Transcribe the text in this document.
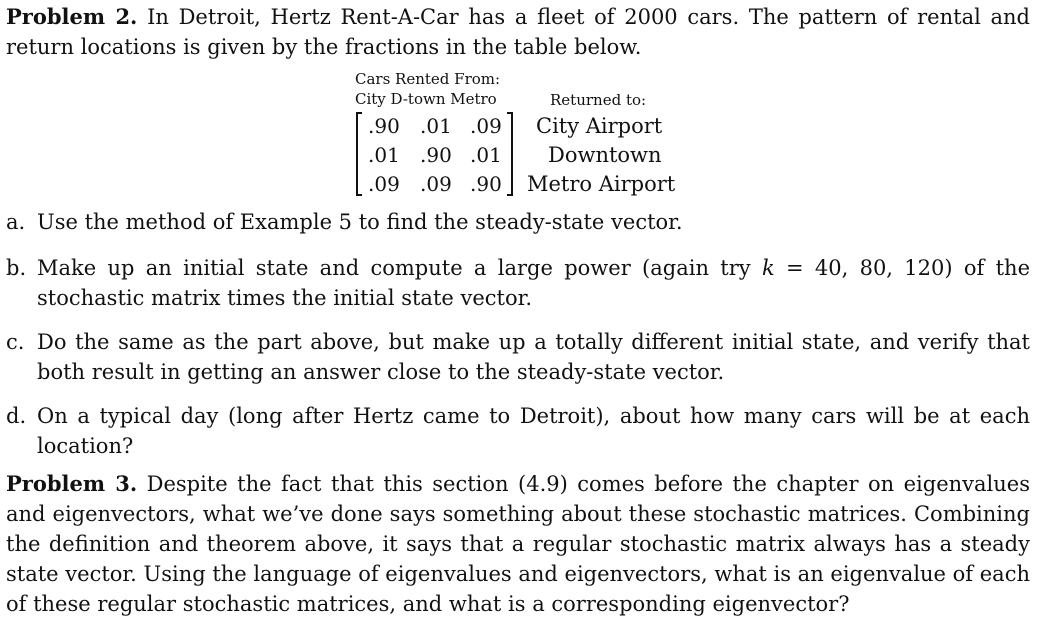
Problem 2. In Detroit, Hertz Rent-A-Car has a fleet of 2000 cars. The pattern of rental and return locations is given by the fractions in the table below.

Cars Rented From:
City D-town Metro	Returned to:
.90 .01 .09
.01 .90 .01
.09 .09 .90
City Airport
Downtown
Metro Airport
a. Use the method of Example 5 to find the steady-state vector.
b. Make up an initial state and compute a large power (again try k = 40, 80, 120) of the stochastic matrix times the initial state vector.
c. Do the same as the part above, but make up a totally different initial state, and verify that both result in getting an answer close to the steady-state vector.
d. On a typical day (long after Hertz came to Detroit), about how many cars will be at each location?

Problem 3. Despite the fact that this section (4.9) comes before the chapter on eigenvalues and eigenvectors, what we’ve done says something about these stochastic matrices. Combining the definition and theorem above, it says that a regular stochastic matrix always has a steady state vector. Using the language of eigenvalues and eigenvectors, what is an eigenvalue of each of these regular stochastic matrices, and what is a corresponding eigenvector?
